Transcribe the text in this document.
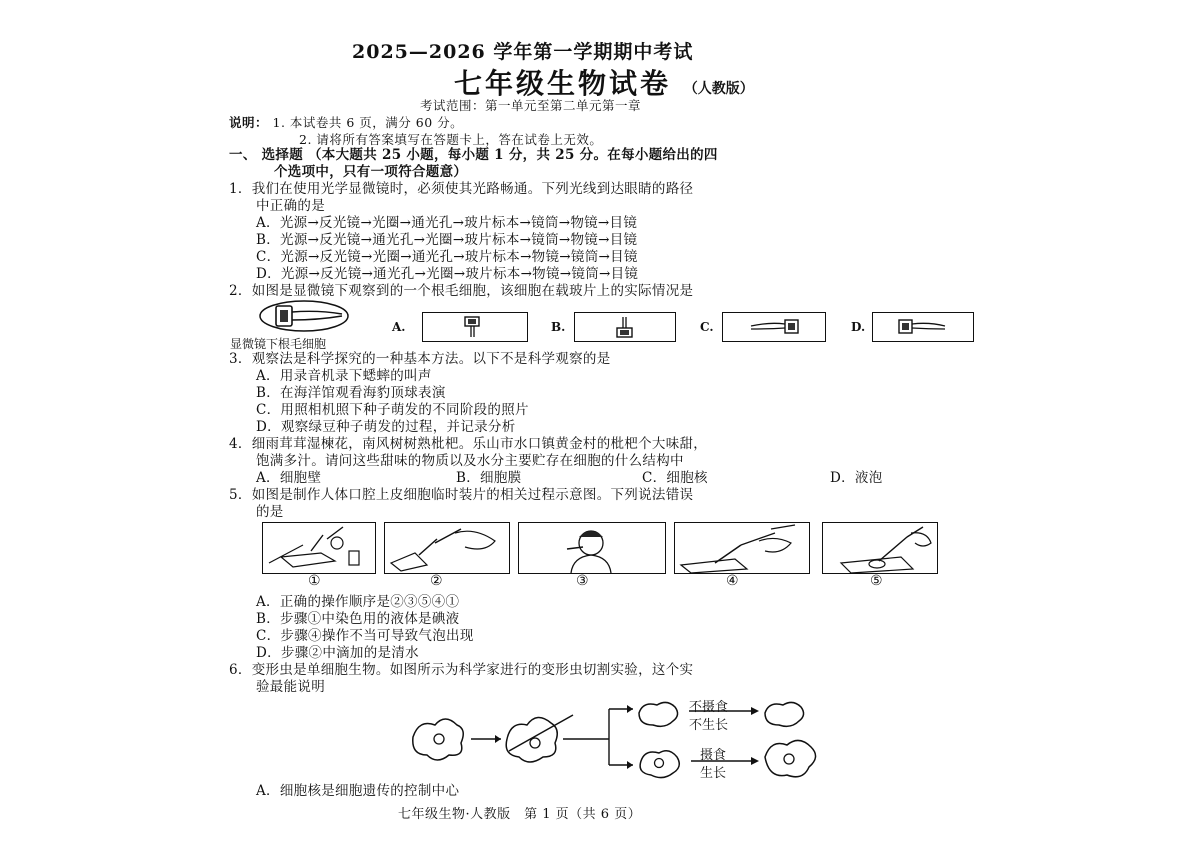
2025—2026 学年第一学期期中考试
七年级生物试卷 （人教版）
考试范围：第一单元至第二单元第一章
说明： 1. 本试卷共 6 页，满分 60 分。
2. 请将所有答案填写在答题卡上，答在试卷上无效。
一、 选择题 （本大题共 25 小题，每小题 1 分，共 25 分。在每小题给出的四
个选项中，只有一项符合题意）
1．我们在使用光学显微镜时，必须使其光路畅通。下列光线到达眼睛的路径
中正确的是
A．光源→反光镜→光圈→通光孔→玻片标本→镜筒→物镜→目镜
B．光源→反光镜→通光孔→光圈→玻片标本→镜筒→物镜→目镜
C．光源→反光镜→光圈→通光孔→玻片标本→物镜→镜筒→目镜
D．光源→反光镜→通光孔→光圈→玻片标本→物镜→镜筒→目镜
2．如图是显微镜下观察到的一个根毛细胞，该细胞在载玻片上的实际情况是
显微镜下根毛细胞
A.	B.	C.	D.
3．观察法是科学探究的一种基本方法。以下不是科学观察的是
A．用录音机录下蟋蟀的叫声
B．在海洋馆观看海豹顶球表演
C．用照相机照下种子萌发的不同阶段的照片
D．观察绿豆种子萌发的过程，并记录分析
4．细雨茸茸湿楝花，南风树树熟枇杷。乐山市水口镇黄金村的枇杷个大味甜，
饱满多汁。请问这些甜味的物质以及水分主要贮存在细胞的什么结构中
A．细胞壁	B．细胞膜	C．细胞核	D．液泡
5．如图是制作人体口腔上皮细胞临时装片的相关过程示意图。下列说法错误
的是
①	②	③	④	⑤
A．正确的操作顺序是②③⑤④①
B．步骤①中染色用的液体是碘液
C．步骤④操作不当可导致气泡出现
D．步骤②中滴加的是清水
6．变形虫是单细胞生物。如图所示为科学家进行的变形虫切割实验，这个实
验最能说明
不摄食
不生长
摄食
生长
A．细胞核是细胞遗传的控制中心
七年级生物·人教版　第 1 页（共 6 页）
